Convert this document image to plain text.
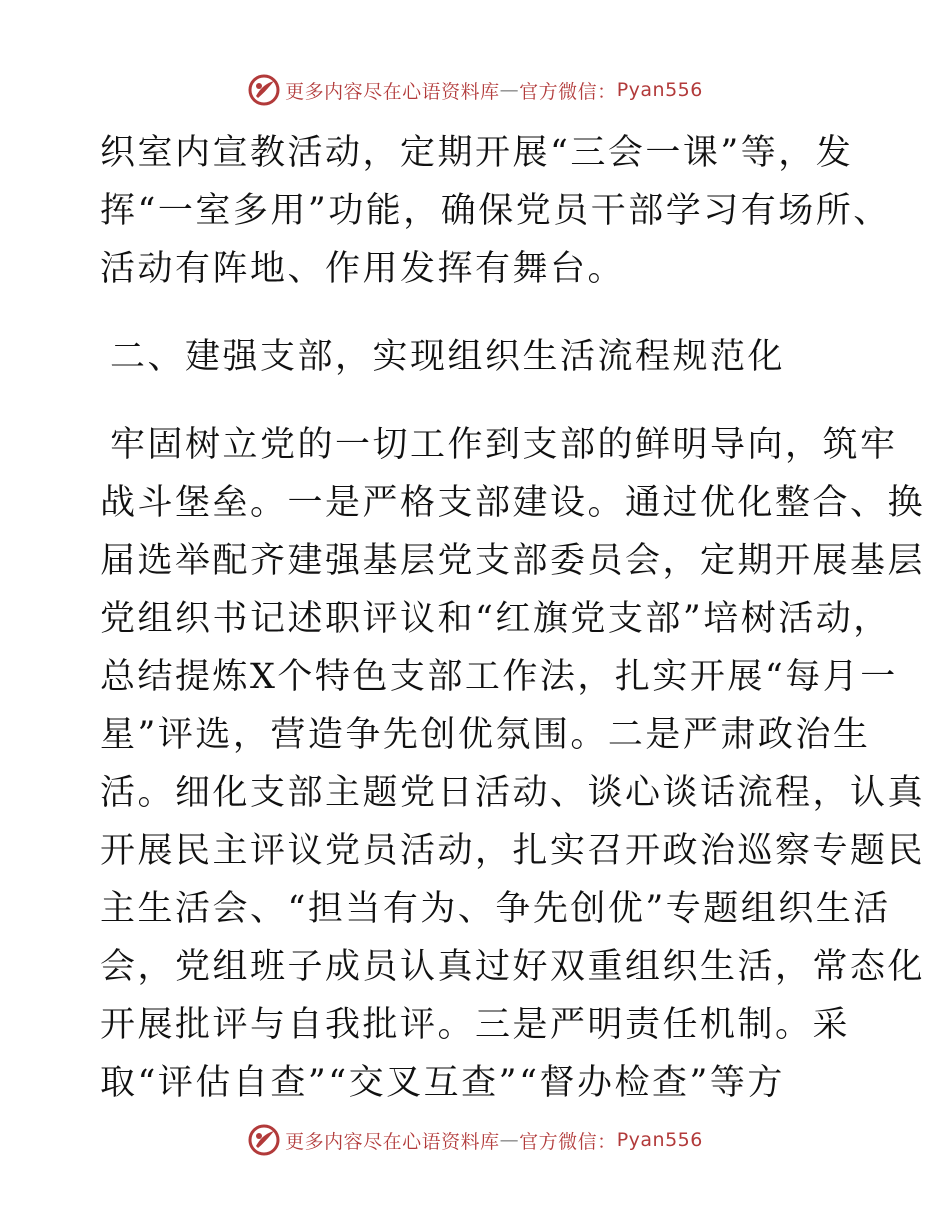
更多内容尽在心语资料库 — 官方微信： Pyan556
织室内宣教活动，定期开展“三会一课”等，发
挥“一室多用”功能，确保党员干部学习有场所、
活动有阵地、作用发挥有舞台。
二、建强支部，实现组织生活流程规范化
牢固树立党的一切工作到支部的鲜明导向，筑牢
战斗堡垒。一是严格支部建设。通过优化整合、换
届选举配齐建强基层党支部委员会，定期开展基层
党组织书记述职评议和“红旗党支部”培树活动，
总结提炼X个特色支部工作法，扎实开展“每月一
星”评选，营造争先创优氛围。二是严肃政治生
活。细化支部主题党日活动、谈心谈话流程，认真
开展民主评议党员活动，扎实召开政治巡察专题民
主生活会、“担当有为、争先创优”专题组织生活
会，党组班子成员认真过好双重组织生活，常态化
开展批评与自我批评。三是严明责任机制。采
取“评估自查”“交叉互查”“督办检查”等方
更多内容尽在心语资料库 — 官方微信： Pyan556
